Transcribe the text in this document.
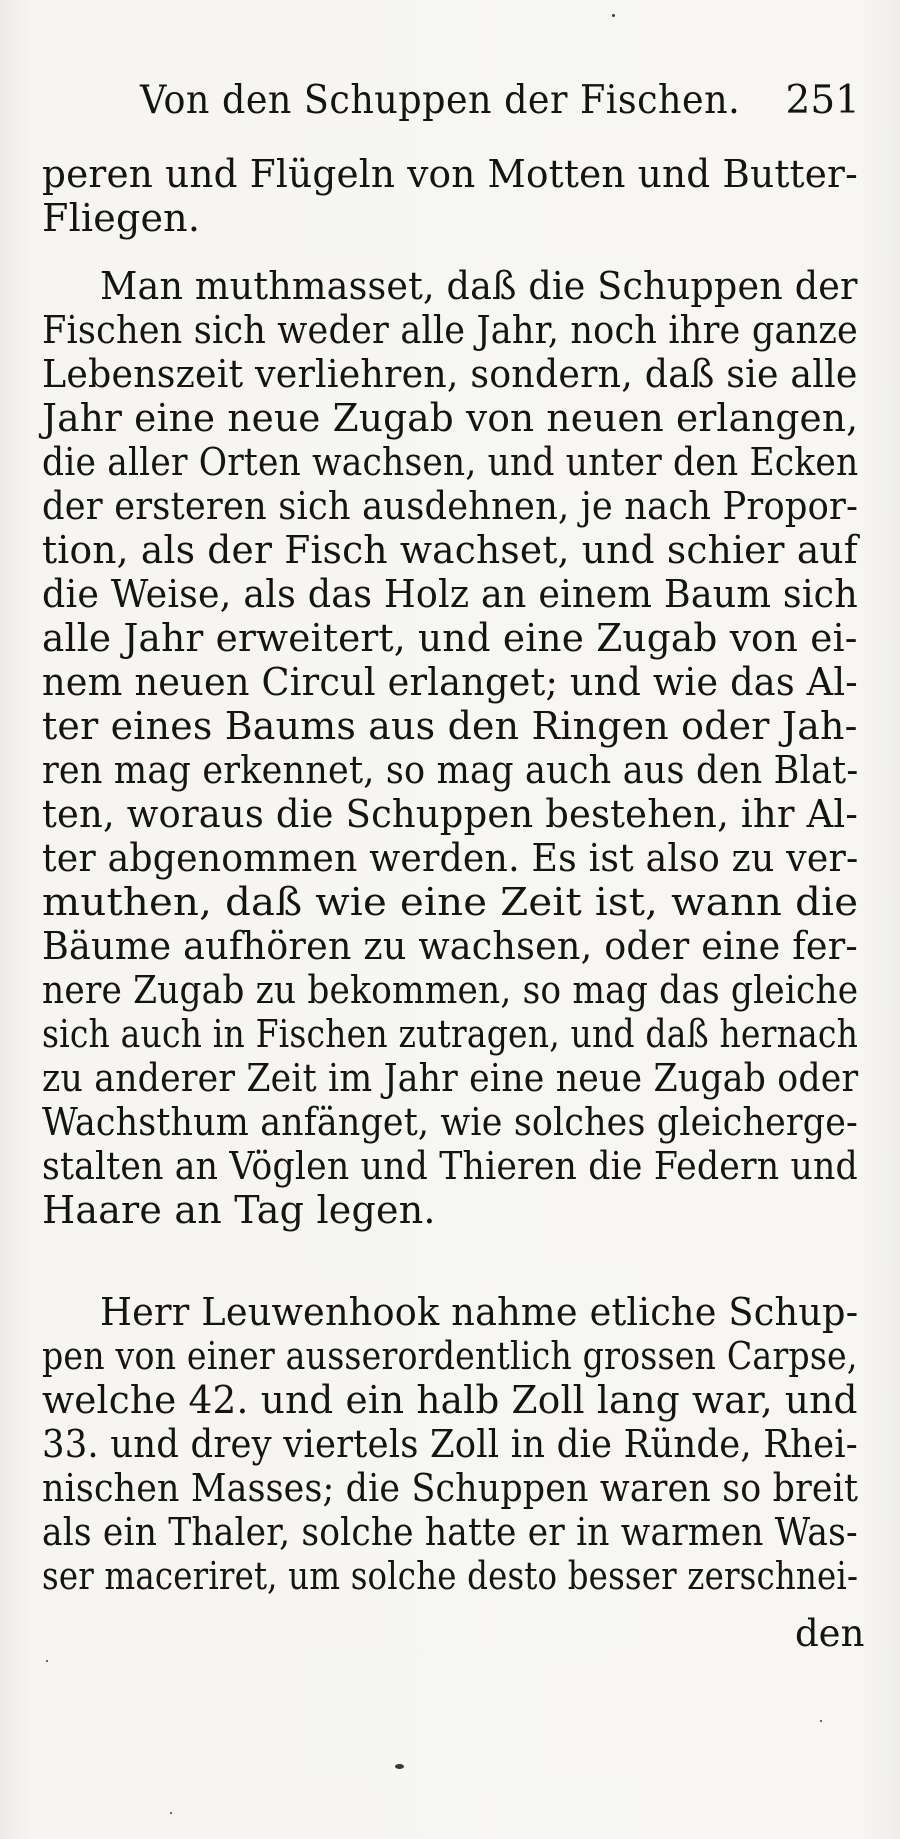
Von den Schuppen der Fischen. 251
peren und Flügeln von Motten und Butter-
Fliegen.
Man muthmasset, daß die Schuppen der
Fischen sich weder alle Jahr, noch ihre ganze
Lebenszeit verliehren, sondern, daß sie alle
Jahr eine neue Zugab von neuen erlangen,
die aller Orten wachsen, und unter den Ecken
der ersteren sich ausdehnen, je nach Propor-
tion, als der Fisch wachset, und schier auf
die Weise, als das Holz an einem Baum sich
alle Jahr erweitert, und eine Zugab von ei-
nem neuen Circul erlanget; und wie das Al-
ter eines Baums aus den Ringen oder Jah-
ren mag erkennet, so mag auch aus den Blat-
ten, woraus die Schuppen bestehen, ihr Al-
ter abgenommen werden. Es ist also zu ver-
muthen, daß wie eine Zeit ist, wann die
Bäume aufhören zu wachsen, oder eine fer-
nere Zugab zu bekommen, so mag das gleiche
sich auch in Fischen zutragen, und daß hernach
zu anderer Zeit im Jahr eine neue Zugab oder
Wachsthum anfänget, wie solches gleicherge-
stalten an Vöglen und Thieren die Federn und
Haare an Tag legen.
Herr Leuwenhook nahme etliche Schup-
pen von einer ausserordentlich grossen Carpse,
welche 42. und ein halb Zoll lang war, und
33. und drey viertels Zoll in die Ründe, Rhei-
nischen Masses; die Schuppen waren so breit
als ein Thaler, solche hatte er in warmen Was-
ser maceriret, um solche desto besser zerschnei-
den
